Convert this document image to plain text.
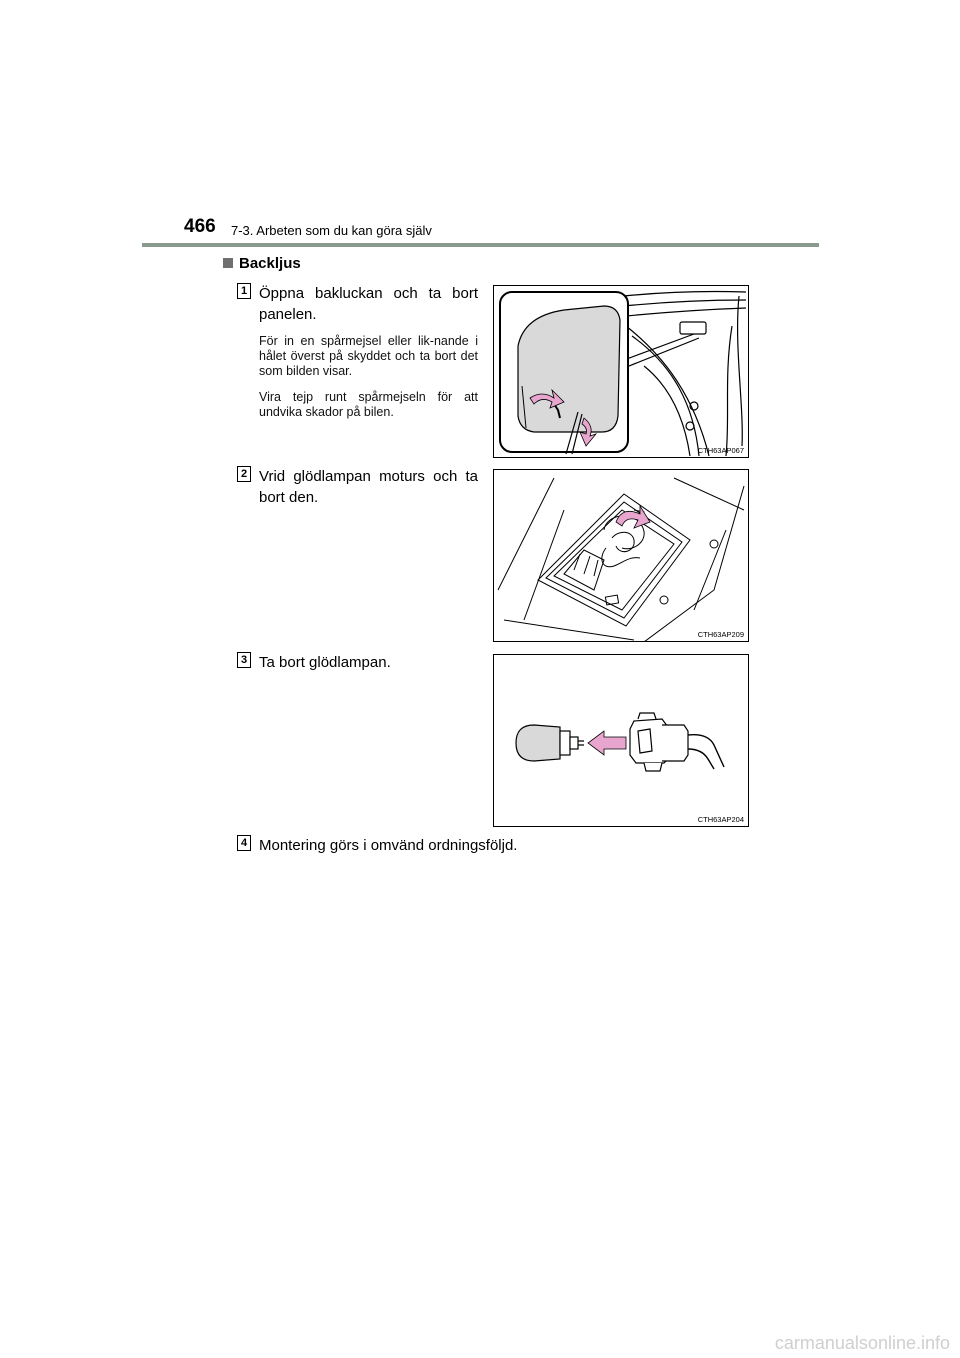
466 7-3. Arbeten som du kan göra själv
Backljus
1 Öppna bakluckan och ta bort panelen.
För in en spårmejsel eller lik-nande i hålet överst på skyddet och ta bort det som bilden visar.
Vira tejp runt spårmejseln för att undvika skador på bilen.
CTH63AP067
2 Vrid glödlampan moturs och ta bort den.
CTH63AP209
3 Ta bort glödlampan.
CTH63AP204
4 Montering görs i omvänd ordningsföljd.
carmanualsonline.info
